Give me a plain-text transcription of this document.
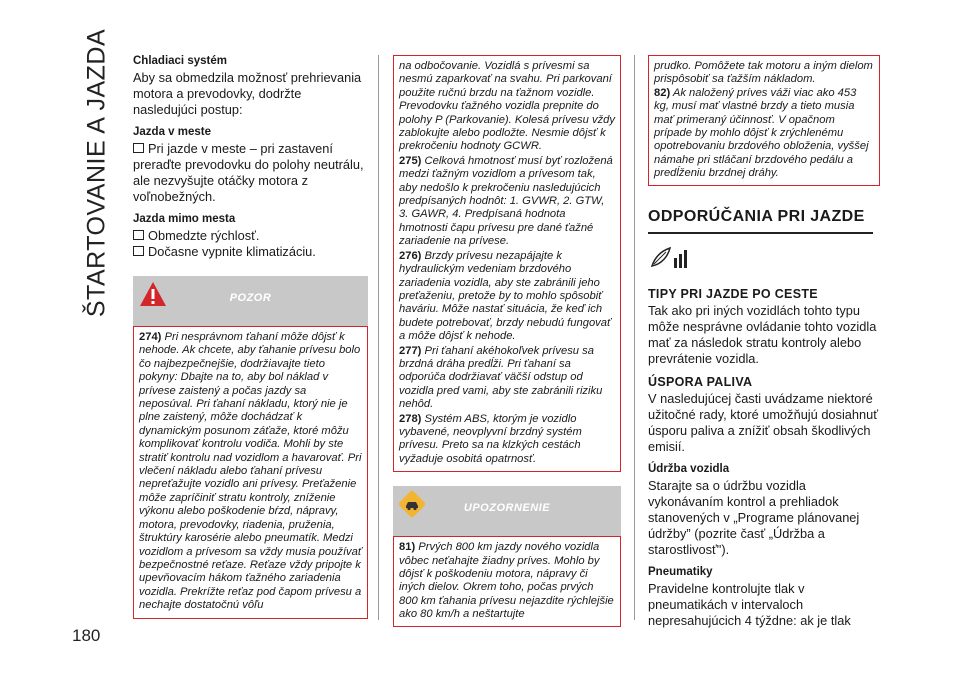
ŠTARTOVANIE A JAZDA
180
Chladiaci systém

Aby sa obmedzila možnosť prehrievania motora a prevodovky, dodržte nasledujúci postup:

Jazda v meste
Pri jazde v meste – pri zastavení preraďte prevodovku do polohy neutrálu, ale nezvyšujte otáčky motora z voľnobežných.
Jazda mimo mesta
Obmedzte rýchlosť.
Dočasne vypnite klimatizáciu.
POZOR
274) Pri nesprávnom ťahaní môže dôjsť k nehode. Ak chcete, aby ťahanie prívesu bolo čo najbezpečnejšie, dodržiavajte tieto pokyny: Dbajte na to, aby bol náklad v prívese zaistený a počas jazdy sa neposúval. Pri ťahaní nákladu, ktorý nie je plne zaistený, môže dochádzať k dynamickým posunom záťaže, ktoré môžu komplikovať kontrolu vodiča. Mohli by ste stratiť kontrolu nad vozidlom a havarovať. Pri vlečení nákladu alebo ťahaní prívesu nepreťažujte vozidlo ani prívesy. Preťaženie môže zapríčiniť stratu kontroly, zníženie výkonu alebo poškodenie bŕzd, nápravy, motora, prevodovky, riadenia, pruženia, štruktúry karosérie alebo pneumatík. Medzi vozidlom a prívesom sa vždy musia používať bezpečnostné reťaze. Reťaze vždy pripojte k upevňovacím hákom ťažného zariadenia vozidla. Prekrížte reťaz pod čapom prívesu a nechajte dostatočnú vôľu
na odbočovanie. Vozidlá s prívesmi sa nesmú zaparkovať na svahu. Pri parkovaní použite ručnú brzdu na ťažnom vozidle. Prevodovku ťažného vozidla prepnite do polohy P (Parkovanie). Kolesá prívesu vždy zablokujte alebo podložte. Nesmie dôjsť k prekročeniu hodnoty GCWR.
275) Celková hmotnosť musí byť rozložená medzi ťažným vozidlom a prívesom tak, aby nedošlo k prekročeniu nasledujúcich predpísaných hodnôt: 1. GVWR, 2. GTW, 3. GAWR, 4. Predpísaná hodnota hmotnosti čapu prívesu pre dané ťažné zariadenie na prívese.
276) Brzdy prívesu nezapájajte k hydraulickým vedeniam brzdového zariadenia vozidla, aby ste zabránili jeho preťaženiu, pretože by to mohlo spôsobiť haváriu. Môže nastať situácia, že keď ich budete potrebovať, brzdy nebudú fungovať a môže dôjsť k nehode.
277) Pri ťahaní akéhokoľvek prívesu sa brzdná dráha predĺži. Pri ťahaní sa odporúča dodržiavať väčší odstup od vozidla pred vami, aby ste zabránili riziku nehôd.
278) Systém ABS, ktorým je vozidlo vybavené, neovplyvní brzdný systém prívesu. Preto sa na klzkých cestách vyžaduje osobitá opatrnosť.
UPOZORNENIE
81) Prvých 800 km jazdy nového vozidla vôbec neťahajte žiadny príves. Mohlo by dôjsť k poškodeniu motora, nápravy či iných dielov. Okrem toho, počas prvých 800 km ťahania prívesu nejazdite rýchlejšie ako 80 km/h a neštartujte
prudko. Pomôžete tak motoru a iným dielom prispôsobiť sa ťažším nákladom.
82) Ak naložený príves váži viac ako 453 kg, musí mať vlastné brzdy a tieto musia mať primeraný účinnosť. V opačnom prípade by mohlo dôjsť k zrýchlenému opotrebovaniu brzdového obloženia, vyššej námahe pri stláčaní brzdového pedálu a predĺženiu brzdnej dráhy.
ODPORÚČANIA PRI JAZDE
TIPY PRI JAZDE PO CESTE

Tak ako pri iných vozidlách tohto typu môže nesprávne ovládanie tohto vozidla mať za následok stratu kontroly alebo prevrátenie vozidla.

ÚSPORA PALIVA

V nasledujúcej časti uvádzame niektoré užitočné rady, ktoré umožňujú dosiahnuť úsporu paliva a znížiť obsah škodlivých emisií.

Údržba vozidla

Starajte sa o údržbu vozidla vykonávaním kontrol a prehliadok stanovených v „Programe plánovanej údržby” (pozrite časť „Údržba a starostlivosť").

Pneumatiky

Pravidelne kontrolujte tlak v pneumatikách v intervaloch nepresahujúcich 4 týždne: ak je tlak
